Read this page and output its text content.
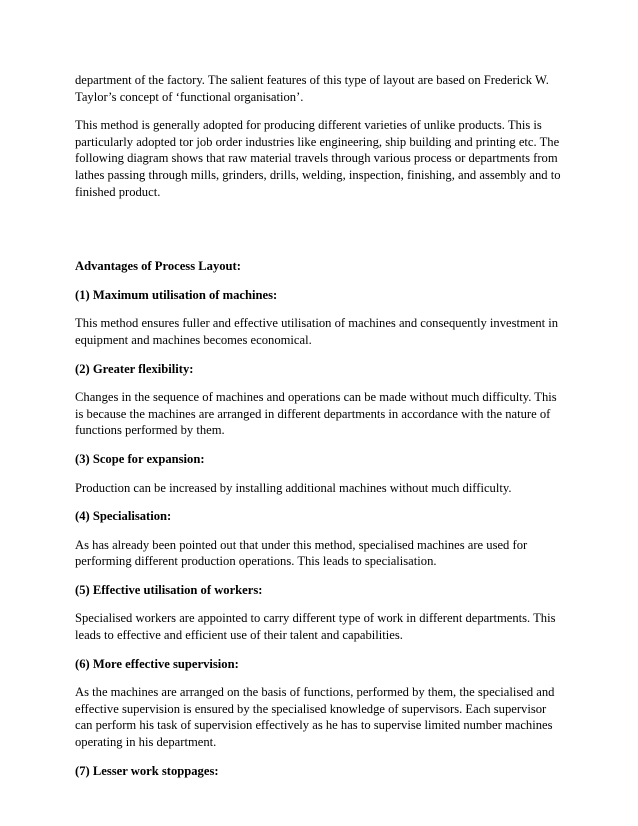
department of the factory. The salient features of this type of layout are based on Frederick W. Taylor’s concept of ‘functional organisation’.

This method is generally adopted for producing different varieties of unlike products. This is particularly adopted tor job order industries like engineering, ship building and printing etc. The following diagram shows that raw material travels through various process or departments from lathes passing through mills, grinders, drills, welding, inspection, finishing, and assembly and to finished product.

Advantages of Process Layout:
(1) Maximum utilisation of machines:

This method ensures fuller and effective utilisation of machines and consequently investment in equipment and machines becomes economical.

(2) Greater flexibility:

Changes in the sequence of machines and operations can be made without much difficulty. This is because the machines are arranged in different departments in accordance with the nature of functions performed by them.

(3) Scope for expansion:

Production can be increased by installing additional machines without much difficulty.

(4) Specialisation:

As has already been pointed out that under this method, specialised machines are used for performing different production operations. This leads to specialisation.

(5) Effective utilisation of workers:

Specialised workers are appointed to carry different type of work in different departments. This leads to effective and efficient use of their talent and capabilities.

(6) More effective supervision:

As the machines are arranged on the basis of functions, performed by them, the specialised and effective supervision is ensured by the specialised knowledge of supervisors. Each supervisor can perform his task of supervision effectively as he has to supervise limited number machines operating in his department.

(7) Lesser work stoppages:
